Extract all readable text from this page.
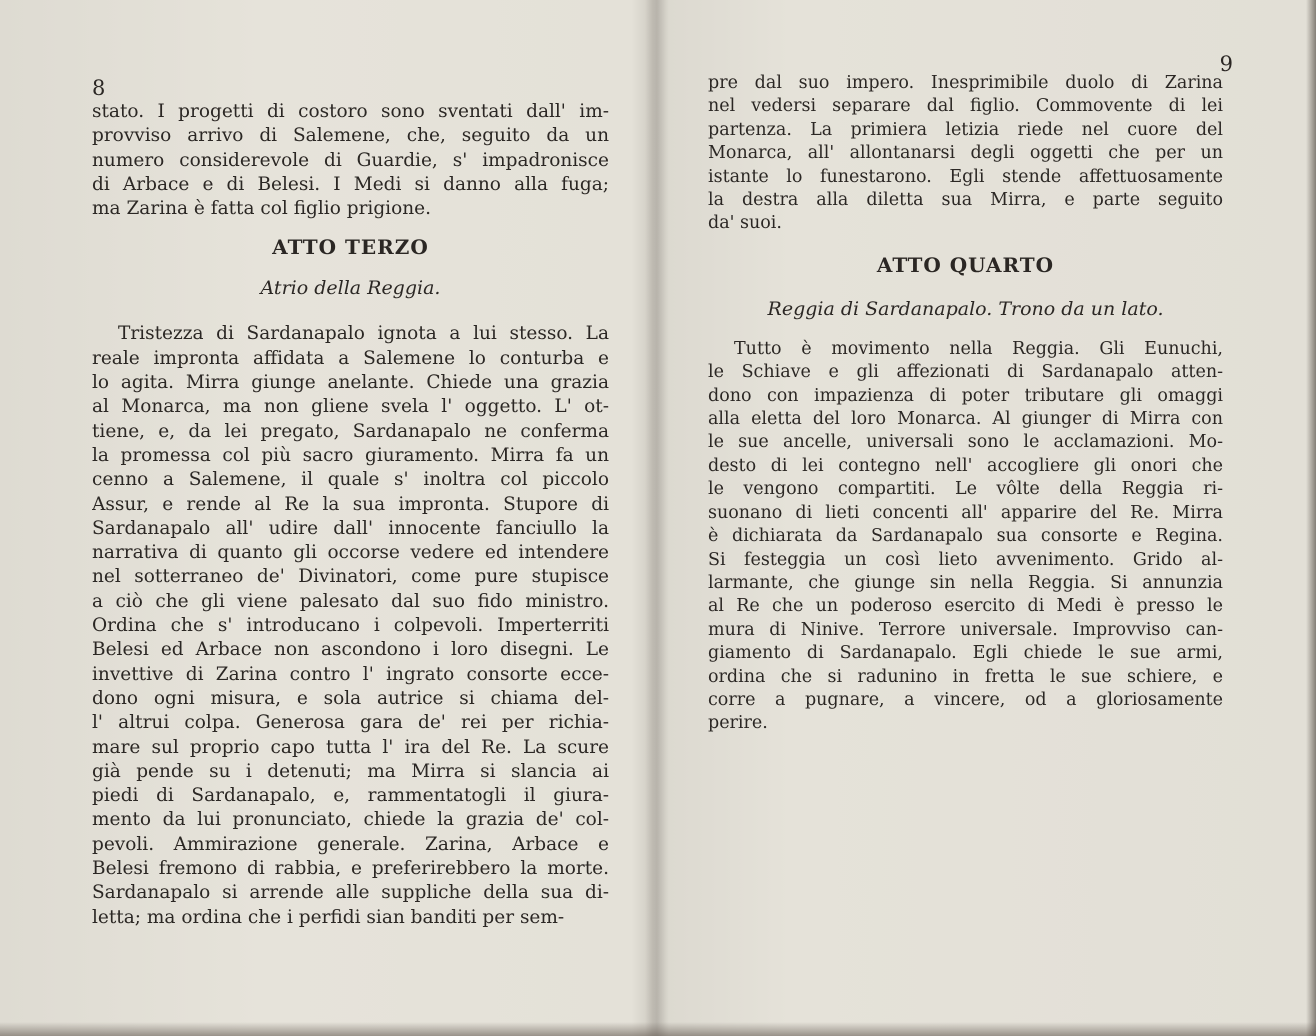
8
stato. I progetti di costoro sono sventati dall' im-
provviso arrivo di Salemene, che, seguito da un
numero considerevole di Guardie, s' impadronisce
di Arbace e di Belesi. I Medi si danno alla fuga;
ma Zarina è fatta col figlio prigione.
ATTO TERZO
Atrio della Reggia.
Tristezza di Sardanapalo ignota a lui stesso. La
reale impronta affidata a Salemene lo conturba e
lo agita. Mirra giunge anelante. Chiede una grazia
al Monarca, ma non gliene svela l' oggetto. L' ot-
tiene, e, da lei pregato, Sardanapalo ne conferma
la promessa col più sacro giuramento. Mirra fa un
cenno a Salemene, il quale s' inoltra col piccolo
Assur, e rende al Re la sua impronta. Stupore di
Sardanapalo all' udire dall' innocente fanciullo la
narrativa di quanto gli occorse vedere ed intendere
nel sotterraneo de' Divinatori, come pure stupisce
a ciò che gli viene palesato dal suo fido ministro.
Ordina che s' introducano i colpevoli. Imperterriti
Belesi ed Arbace non ascondono i loro disegni. Le
invettive di Zarina contro l' ingrato consorte ecce-
dono ogni misura, e sola autrice si chiama del-
l' altrui colpa. Generosa gara de' rei per richia-
mare sul proprio capo tutta l' ira del Re. La scure
già pende su i detenuti; ma Mirra si slancia ai
piedi di Sardanapalo, e, rammentatogli il giura-
mento da lui pronunciato, chiede la grazia de' col-
pevoli. Ammirazione generale. Zarina, Arbace e
Belesi fremono di rabbia, e preferirebbero la morte.
Sardanapalo si arrende alle suppliche della sua di-
letta; ma ordina che i perfidi sian banditi per sem-
9
pre dal suo impero. Inesprimibile duolo di Zarina
nel vedersi separare dal figlio. Commovente di lei
partenza. La primiera letizia riede nel cuore del
Monarca, all' allontanarsi degli oggetti che per un
istante lo funestarono. Egli stende affettuosamente
la destra alla diletta sua Mirra, e parte seguito
da' suoi.
ATTO QUARTO
Reggia di Sardanapalo. Trono da un lato.
Tutto è movimento nella Reggia. Gli Eunuchi,
le Schiave e gli affezionati di Sardanapalo atten-
dono con impazienza di poter tributare gli omaggi
alla eletta del loro Monarca. Al giunger di Mirra con
le sue ancelle, universali sono le acclamazioni. Mo-
desto di lei contegno nell' accogliere gli onori che
le vengono compartiti. Le vôlte della Reggia ri-
suonano di lieti concenti all' apparire del Re. Mirra
è dichiarata da Sardanapalo sua consorte e Regina.
Si festeggia un così lieto avvenimento. Grido al-
larmante, che giunge sin nella Reggia. Si annunzia
al Re che un poderoso esercito di Medi è presso le
mura di Ninive. Terrore universale. Improvviso can-
giamento di Sardanapalo. Egli chiede le sue armi,
ordina che si radunino in fretta le sue schiere, e
corre a pugnare, a vincere, od a gloriosamente
perire.
